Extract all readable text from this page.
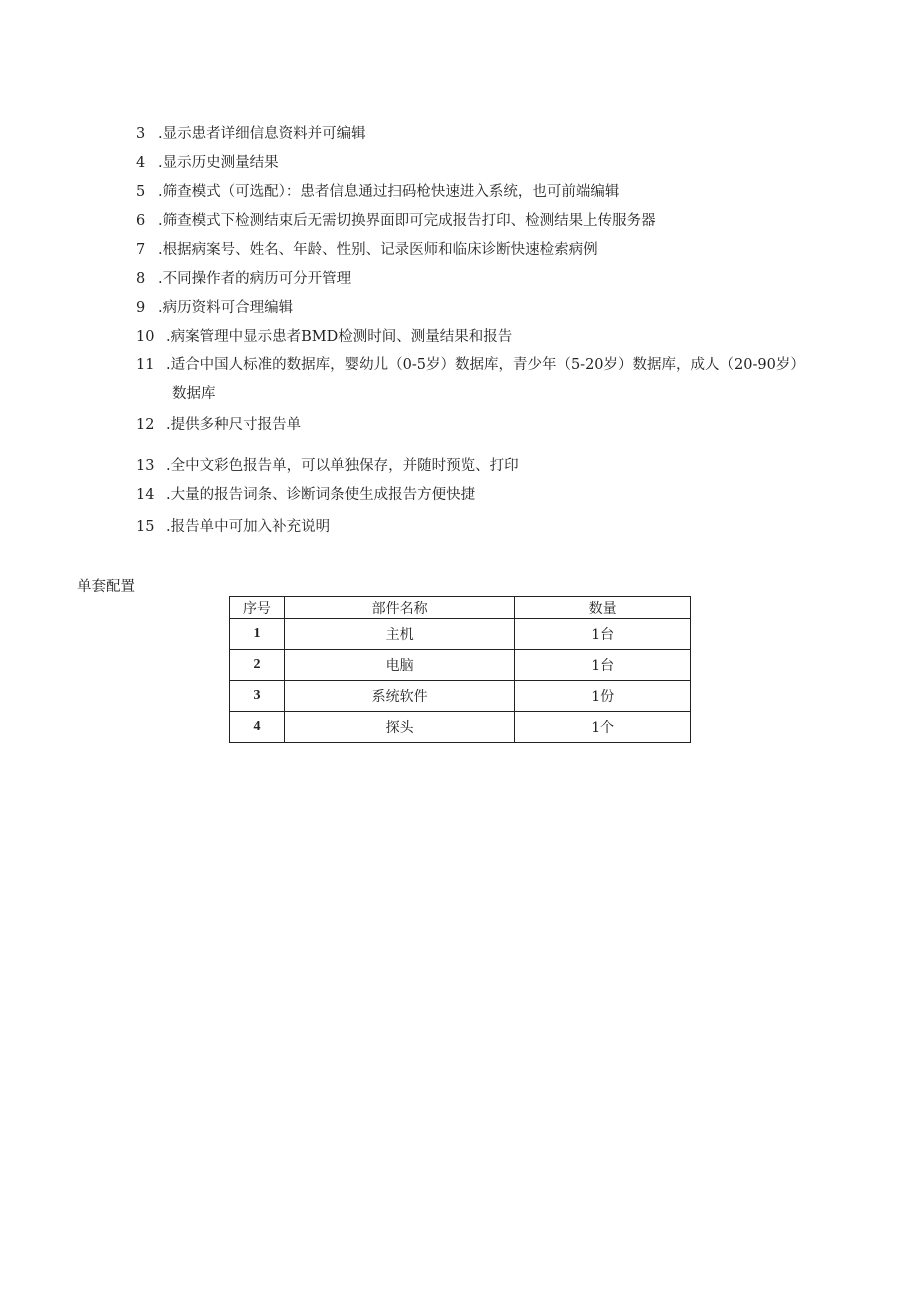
3 .显示患者详细信息资料并可编辑
4 .显示历史测量结果
5 .筛查模式（可选配）：患者信息通过扫码枪快速进入系统，也可前端编辑
6 .筛查模式下检测结束后无需切换界面即可完成报告打印、检测结果上传服务器
7 .根据病案号、姓名、年龄、性别、记录医师和临床诊断快速检索病例
8 .不同操作者的病历可分开管理
9 .病历资料可合理编辑
10 .病案管理中显示患者BMD检测时间、测量结果和报告
11 .适合中国人标准的数据库，婴幼儿（0-5岁）数据库，青少年（5-20岁）数据库，成人（20-90岁）
数据库
12 .提供多种尺寸报告单
13 .全中文彩色报告单，可以单独保存，并随时预览、打印
14 .大量的报告词条、诊断词条使生成报告方便快捷
15 .报告单中可加入补充说明
单套配置
序号	部件名称	数量
1	主机	1台
2	电脑	1台
3	系统软件	1份
4	探头	1个
